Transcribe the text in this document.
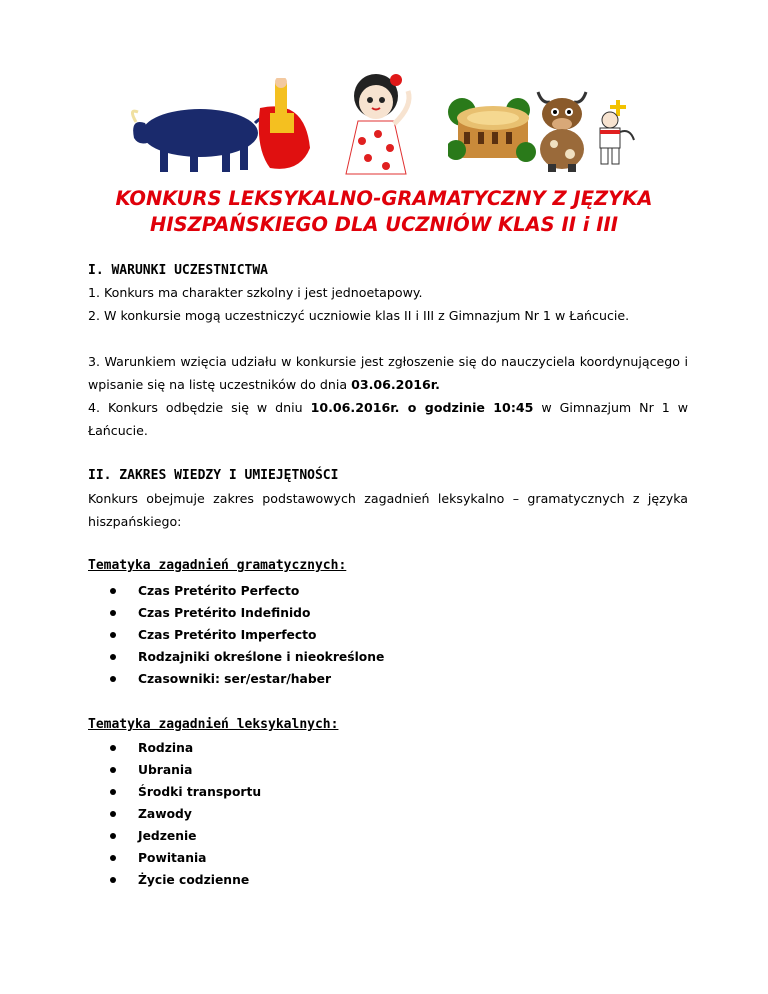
KONKURS LEKSYKALNO-GRAMATYCZNY Z JĘZYKA
HISZPAŃSKIEGO DLA UCZNIÓW KLAS II i III
I. WARUNKI UCZESTNICTWA
1. Konkurs ma charakter szkolny i jest jednoetapowy.
2. W konkursie mogą uczestniczyć uczniowie klas II i III z Gimnazjum Nr 1 w Łańcucie.
3. Warunkiem wzięcia udziału w konkursie jest zgłoszenie się do nauczyciela koordynującego i wpisanie się na listę uczestników do dnia 03.06.2016r.
4. Konkurs odbędzie się w dniu 10.06.2016r. o godzinie 10:45 w Gimnazjum Nr 1 w Łańcucie.
II. ZAKRES WIEDZY I UMIEJĘTNOŚCI
Konkurs obejmuje zakres podstawowych zagadnień leksykalno – gramatycznych z języka hiszpańskiego:
Tematyka zagadnień gramatycznych:
Czas Pretérito Perfecto
Czas Pretérito Indefinido
Czas Pretérito Imperfecto
Rodzajniki określone i nieokreślone
Czasowniki: ser/estar/haber
Tematyka zagadnień leksykalnych:
Rodzina
Ubrania
Środki transportu
Zawody
Jedzenie
Powitania
Życie codzienne
